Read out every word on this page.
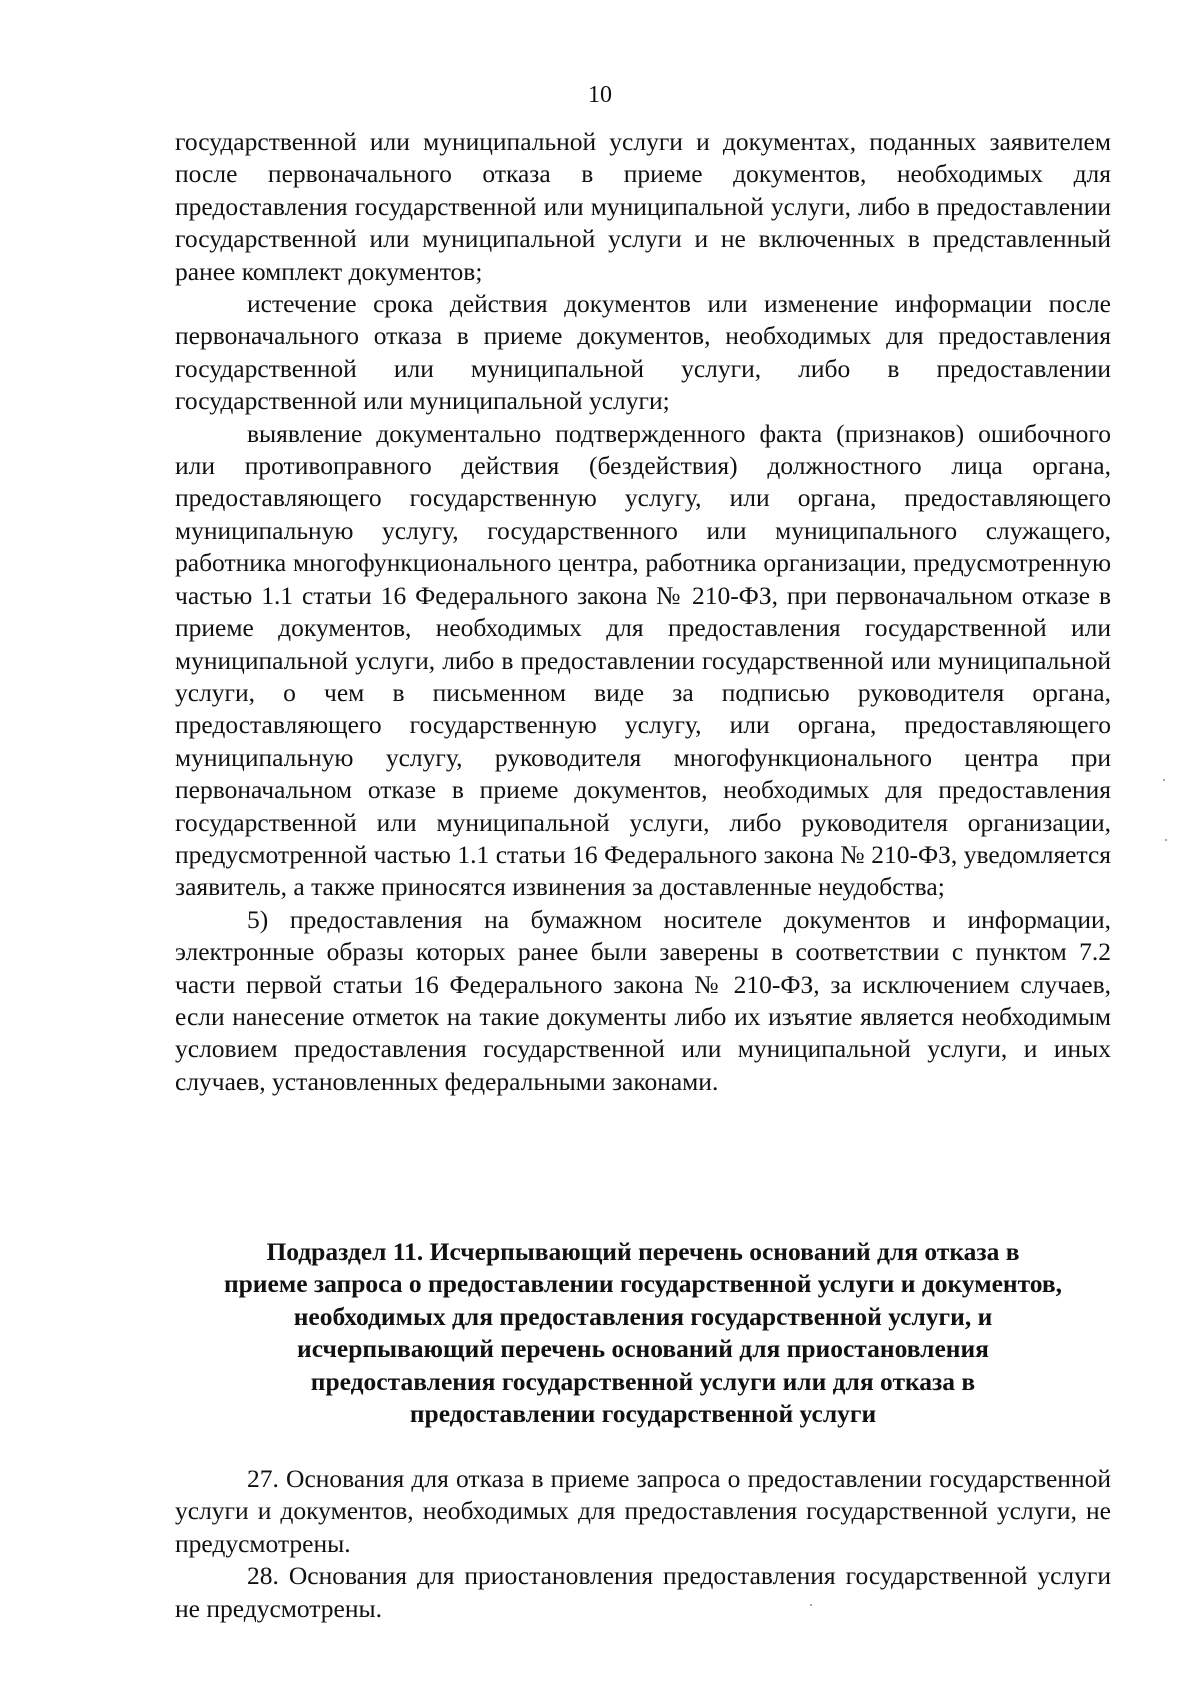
10

государственной или муниципальной услуги и документах, поданных заявителем после первоначального отказа в приеме документов, необходимых для предоставления государственной или муниципальной услуги, либо в предоставлении государственной или муниципальной услуги и не включенных в представленный ранее комплект документов;

истечение срока действия документов или изменение информации после первоначального отказа в приеме документов, необходимых для предоставления государственной или муниципальной услуги, либо в предоставлении государственной или муниципальной услуги;

выявление документально подтвержденного факта (признаков) ошибочного или противоправного действия (бездействия) должностного лица органа, предоставляющего государственную услугу, или органа, предоставляющего муниципальную услугу, государственного или муниципального служащего, работника многофункционального центра, работника организации, предусмотренную частью 1.1 статьи 16 Федерального закона № 210-ФЗ, при первоначальном отказе в приеме документов, необходимых для предоставления государственной или муниципальной услуги, либо в предоставлении государственной или муниципальной услуги, о чем в письменном виде за подписью руководителя органа, предоставляющего государственную услугу, или органа, предоставляющего муниципальную услугу, руководителя многофункционального центра при первоначальном отказе в приеме документов, необходимых для предоставления государственной или муниципальной услуги, либо руководителя организации, предусмотренной частью 1.1 статьи 16 Федерального закона № 210-ФЗ, уведомляется заявитель, а также приносятся извинения за доставленные неудобства;

5) предоставления на бумажном носителе документов и информации, электронные образы которых ранее были заверены в соответствии с пунктом 7.2 части первой статьи 16 Федерального закона № 210-ФЗ, за исключением случаев, если нанесение отметок на такие документы либо их изъятие является необходимым условием предоставления государственной или муниципальной услуги, и иных случаев, установленных федеральными законами.

Подраздел 11. Исчерпывающий перечень оснований для отказа в
приеме запроса о предоставлении государственной услуги и документов,
необходимых для предоставления государственной услуги, и
исчерпывающий перечень оснований для приостановления
предоставления государственной услуги или для отказа в
предоставлении государственной услуги

27. Основания для отказа в приеме запроса о предоставлении государственной услуги и документов, необходимых для предоставления государственной услуги, не предусмотрены.

28. Основания для приостановления предоставления государственной услуги не предусмотрены.
